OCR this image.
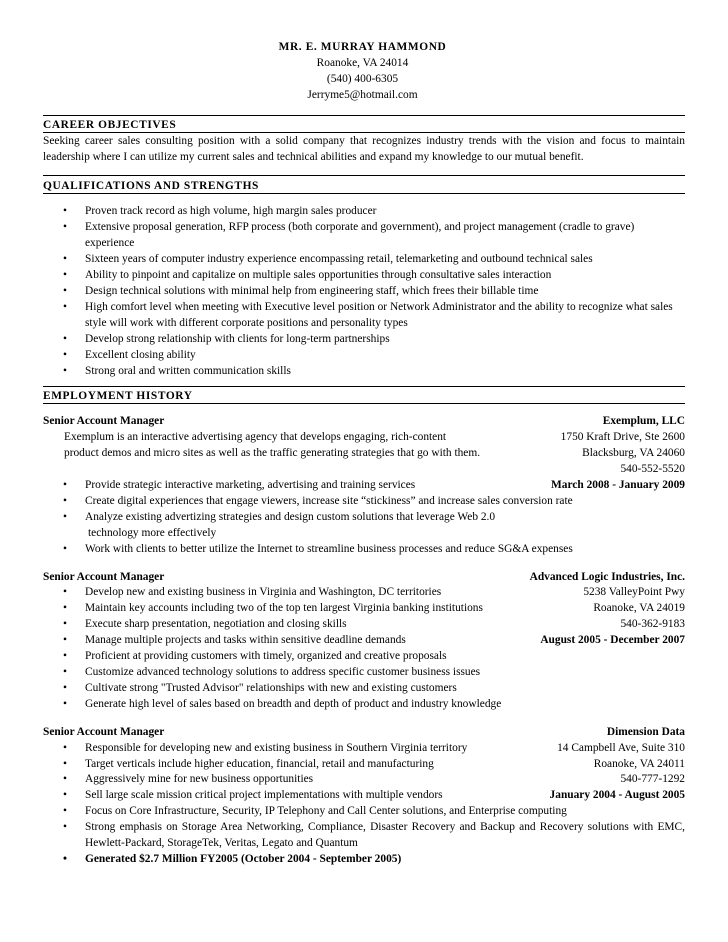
MR. E. MURRAY HAMMOND
Roanoke, VA 24014
(540) 400-6305
Jerryme5@hotmail.com
CAREER OBJECTIVES
Seeking career sales consulting position with a solid company that recognizes industry trends with the vision and focus to maintain leadership where I can utilize my current sales and technical abilities and expand my knowledge to our mutual benefit.
QUALIFICATIONS AND STRENGTHS
• Proven track record as high volume, high margin sales producer
• Extensive proposal generation, RFP process (both corporate and government), and project management (cradle to grave) experience
• Sixteen years of computer industry experience encompassing retail, telemarketing and outbound technical sales
• Ability to pinpoint and capitalize on multiple sales opportunities through consultative sales interaction
• Design technical solutions with minimal help from engineering staff, which frees their billable time
• High comfort level when meeting with Executive level position or Network Administrator and the ability to recognize what sales style will work with different corporate positions and personality types
• Develop strong relationship with clients for long-term partnerships
• Excellent closing ability
• Strong oral and written communication skills
EMPLOYMENT HISTORY
Senior Account Manager	Exemplum, LLC
Exemplum is an interactive advertising agency that develops engaging, rich-content	1750 Kraft Drive, Ste 2600
product demos and micro sites as well as the traffic generating strategies that go with them.	Blacksburg, VA 24060
540-552-5520
• Provide strategic interactive marketing, advertising and training services	March 2008 - January 2009
• Create digital experiences that engage viewers, increase site “stickiness” and increase sales conversion rate
• Analyze existing advertizing strategies and design custom solutions that leverage Web 2.0
technology more effectively
• Work with clients to better utilize the Internet to streamline business processes and reduce SG&A expenses
Senior Account Manager	Advanced Logic Industries, Inc.
• Develop new and existing business in Virginia and Washington, DC territories	5238 ValleyPoint Pwy
• Maintain key accounts including two of the top ten largest Virginia banking institutions	Roanoke, VA 24019
• Execute sharp presentation, negotiation and closing skills	540-362-9183
• Manage multiple projects and tasks within sensitive deadline demands	August 2005 - December 2007
• Proficient at providing customers with timely, organized and creative proposals
• Customize advanced technology solutions to address specific customer business issues
• Cultivate strong "Trusted Advisor" relationships with new and existing customers
• Generate high level of sales based on breadth and depth of product and industry knowledge
Senior Account Manager	Dimension Data
• Responsible for developing new and existing business in Southern Virginia territory	14 Campbell Ave, Suite 310
• Target verticals include higher education, financial, retail and manufacturing	Roanoke, VA 24011
• Aggressively mine for new business opportunities	540-777-1292
• Sell large scale mission critical project implementations with multiple vendors	January 2004 - August 2005
• Focus on Core Infrastructure, Security, IP Telephony and Call Center solutions, and Enterprise computing
• Strong emphasis on Storage Area Networking, Compliance, Disaster Recovery and Backup and Recovery solutions with EMC, Hewlett-Packard, StorageTek, Veritas, Legato and Quantum
• Generated $2.7 Million FY2005 (October 2004 - September 2005)
